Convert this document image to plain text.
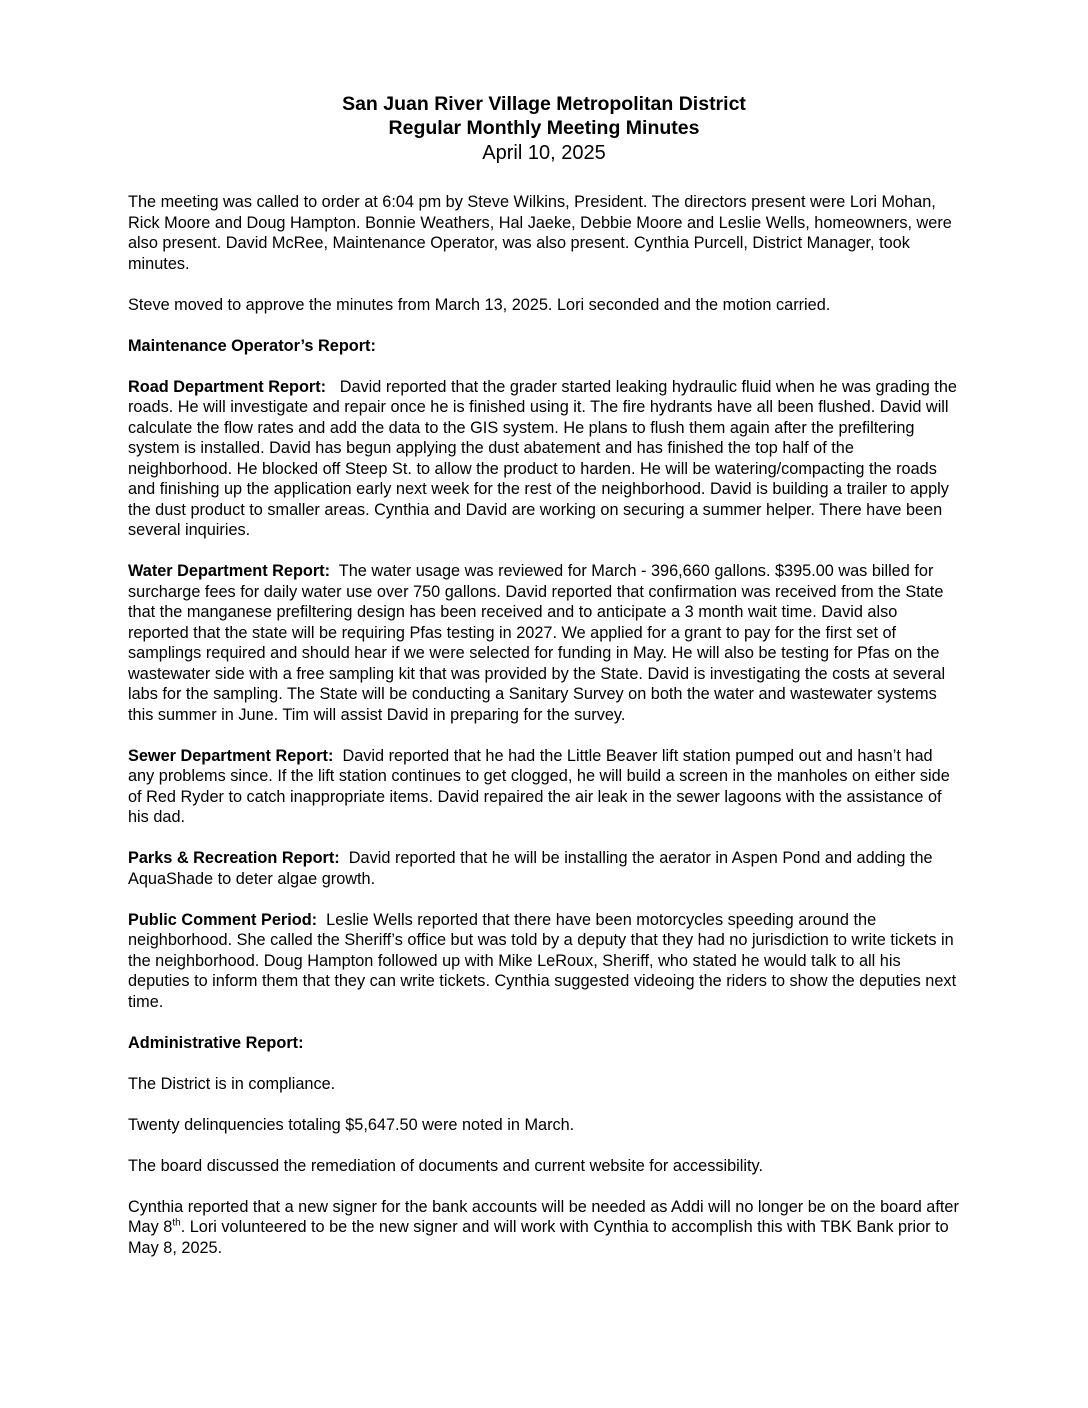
San Juan River Village Metropolitan District
Regular Monthly Meeting Minutes
April 10, 2025

The meeting was called to order at 6:04 pm by Steve Wilkins, President. The directors present were Lori Mohan, Rick Moore and Doug Hampton. Bonnie Weathers, Hal Jaeke, Debbie Moore and Leslie Wells, homeowners, were also present. David McRee, Maintenance Operator, was also present. Cynthia Purcell, District Manager, took minutes.

Steve moved to approve the minutes from March 13, 2025. Lori seconded and the motion carried.

Maintenance Operator’s Report:

Road Department Report: David reported that the grader started leaking hydraulic fluid when he was grading the roads. He will investigate and repair once he is finished using it. The fire hydrants have all been flushed. David will calculate the flow rates and add the data to the GIS system. He plans to flush them again after the prefiltering system is installed. David has begun applying the dust abatement and has finished the top half of the neighborhood. He blocked off Steep St. to allow the product to harden. He will be watering/compacting the roads and finishing up the application early next week for the rest of the neighborhood. David is building a trailer to apply the dust product to smaller areas. Cynthia and David are working on securing a summer helper. There have been several inquiries.

Water Department Report: The water usage was reviewed for March - 396,660 gallons. $395.00 was billed for surcharge fees for daily water use over 750 gallons. David reported that confirmation was received from the State that the manganese prefiltering design has been received and to anticipate a 3 month wait time. David also reported that the state will be requiring Pfas testing in 2027. We applied for a grant to pay for the first set of samplings required and should hear if we were selected for funding in May. He will also be testing for Pfas on the wastewater side with a free sampling kit that was provided by the State. David is investigating the costs at several labs for the sampling. The State will be conducting a Sanitary Survey on both the water and wastewater systems this summer in June. Tim will assist David in preparing for the survey.

Sewer Department Report: David reported that he had the Little Beaver lift station pumped out and hasn’t had any problems since. If the lift station continues to get clogged, he will build a screen in the manholes on either side of Red Ryder to catch inappropriate items. David repaired the air leak in the sewer lagoons with the assistance of his dad.

Parks & Recreation Report: David reported that he will be installing the aerator in Aspen Pond and adding the AquaShade to deter algae growth.

Public Comment Period: Leslie Wells reported that there have been motorcycles speeding around the neighborhood. She called the Sheriff’s office but was told by a deputy that they had no jurisdiction to write tickets in the neighborhood. Doug Hampton followed up with Mike LeRoux, Sheriff, who stated he would talk to all his deputies to inform them that they can write tickets. Cynthia suggested videoing the riders to show the deputies next time.

Administrative Report:

The District is in compliance.

Twenty delinquencies totaling $5,647.50 were noted in March.

The board discussed the remediation of documents and current website for accessibility.

Cynthia reported that a new signer for the bank accounts will be needed as Addi will no longer be on the board after May 8th. Lori volunteered to be the new signer and will work with Cynthia to accomplish this with TBK Bank prior to May 8, 2025.
